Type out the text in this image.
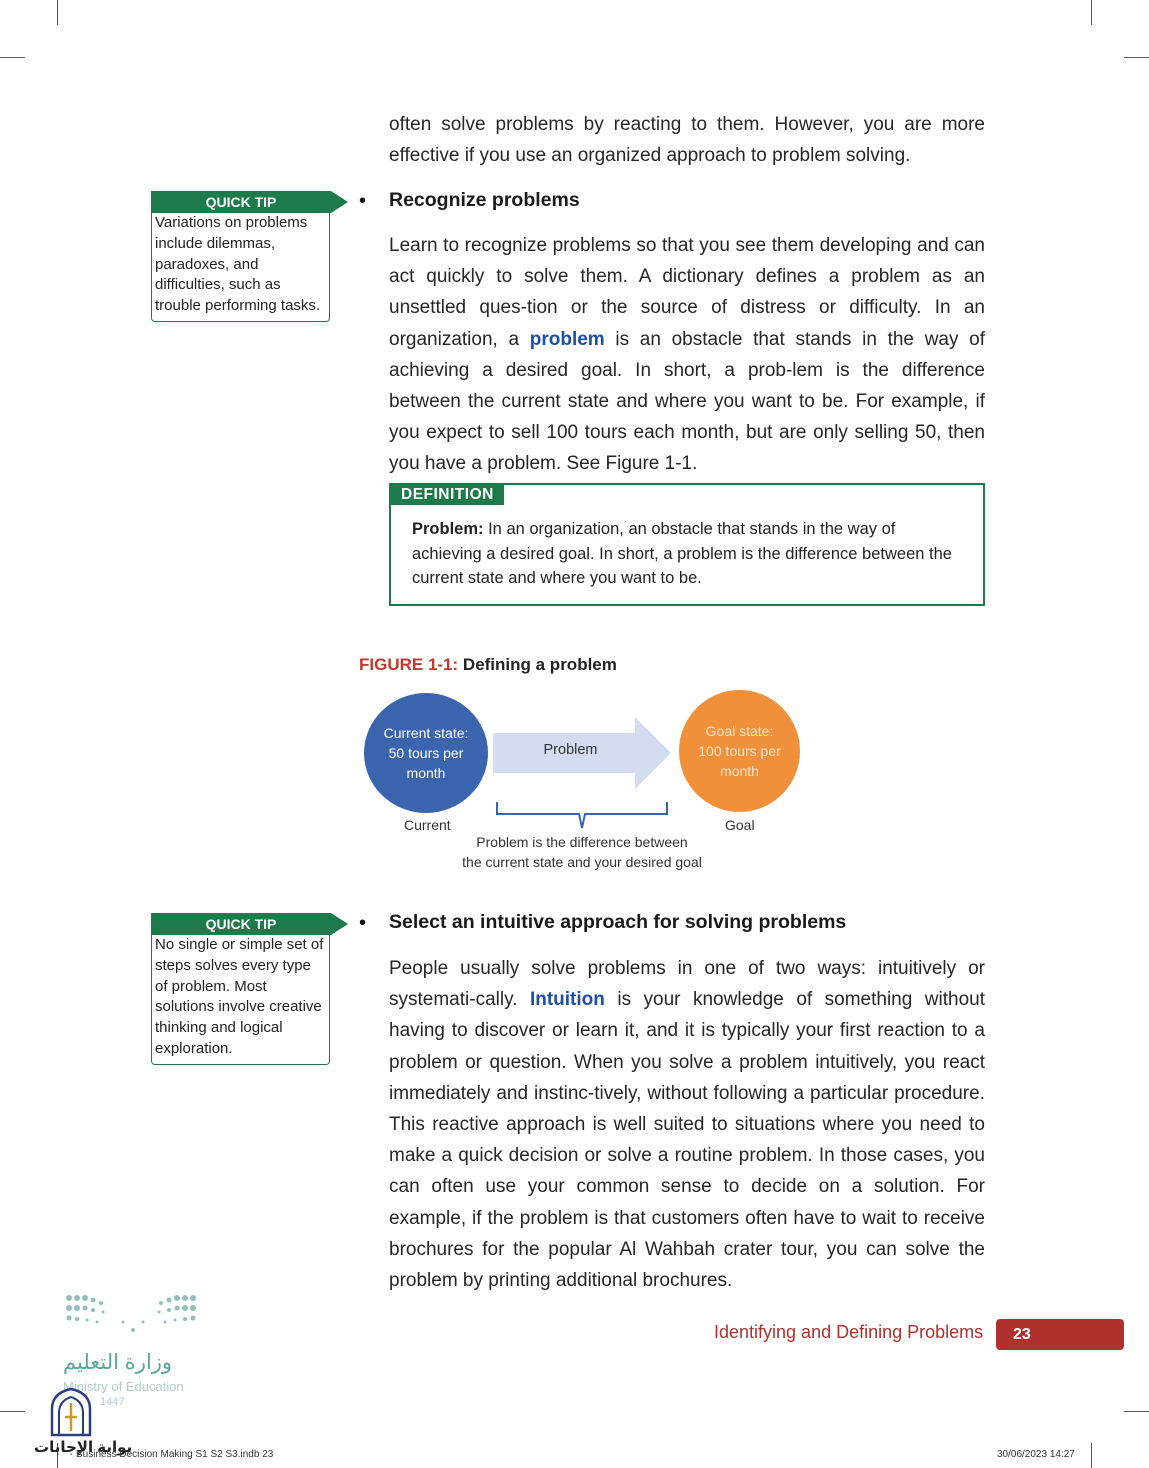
often solve problems by reacting to them. However, you are more effective if you use an organized approach to problem solving.
QUICK TIP
Variations on problems include dilemmas, paradoxes, and difficulties, such as trouble performing tasks.
• Recognize problems
Learn to recognize problems so that you see them developing and can act quickly to solve them. A dictionary defines a problem as an unsettled ques-tion or the source of distress or difficulty. In an organization, a problem is an obstacle that stands in the way of achieving a desired goal. In short, a prob-lem is the difference between the current state and where you want to be. For example, if you expect to sell 100 tours each month, but are only selling 50, then you have a problem. See Figure 1-1.
DEFINITION
Problem: In an organization, an obstacle that stands in the way of achieving a desired goal. In short, a problem is the difference between the current state and where you want to be.
FIGURE 1-1: Defining a problem
Current state: 50 tours per month
Problem
Goal state: 100 tours per month
Current	Goal
Problem is the difference between
the current state and your desired goal
QUICK TIP
No single or simple set of steps solves every type of problem. Most solutions involve creative thinking and logical exploration.
• Select an intuitive approach for solving problems
People usually solve problems in one of two ways: intuitively or systemati-cally. Intuition is your knowledge of something without having to discover or learn it, and it is typically your first reaction to a problem or question. When you solve a problem intuitively, you react immediately and instinc-tively, without following a particular procedure. This reactive approach is well suited to situations where you need to make a quick decision or solve a routine problem. In those cases, you can often use your common sense to decide on a solution. For example, if the problem is that customers often have to wait to receive brochures for the popular Al Wahbah crater tour, you can solve the problem by printing additional brochures.
Identifying and Defining Problems	23
وزارة التعليم
Ministry of Education
1447
بوابة الإجابات
Business Decision Making S1 S2 S3.indb 23	30/06/2023 14:27
